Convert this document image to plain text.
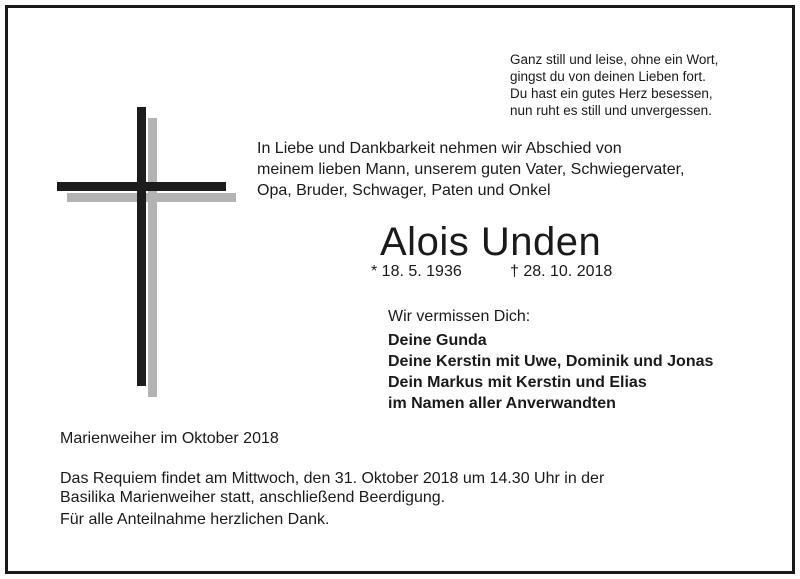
Ganz still und leise, ohne ein Wort,
gingst du von deinen Lieben fort.
Du hast ein gutes Herz besessen,
nun ruht es still und unvergessen.
In Liebe und Dankbarkeit nehmen wir Abschied von
meinem lieben Mann, unserem guten Vater, Schwiegervater,
Opa, Bruder, Schwager, Paten und Onkel
Alois Unden
* 18. 5. 1936	† 28. 10. 2018
Wir vermissen Dich:
Deine Gunda
Deine Kerstin mit Uwe, Dominik und Jonas
Dein Markus mit Kerstin und Elias
im Namen aller Anverwandten
Marienweiher im Oktober 2018
Das Requiem findet am Mittwoch, den 31. Oktober 2018 um 14.30 Uhr in der
Basilika Marienweiher statt, anschließend Beerdigung.
Für alle Anteilnahme herzlichen Dank.
